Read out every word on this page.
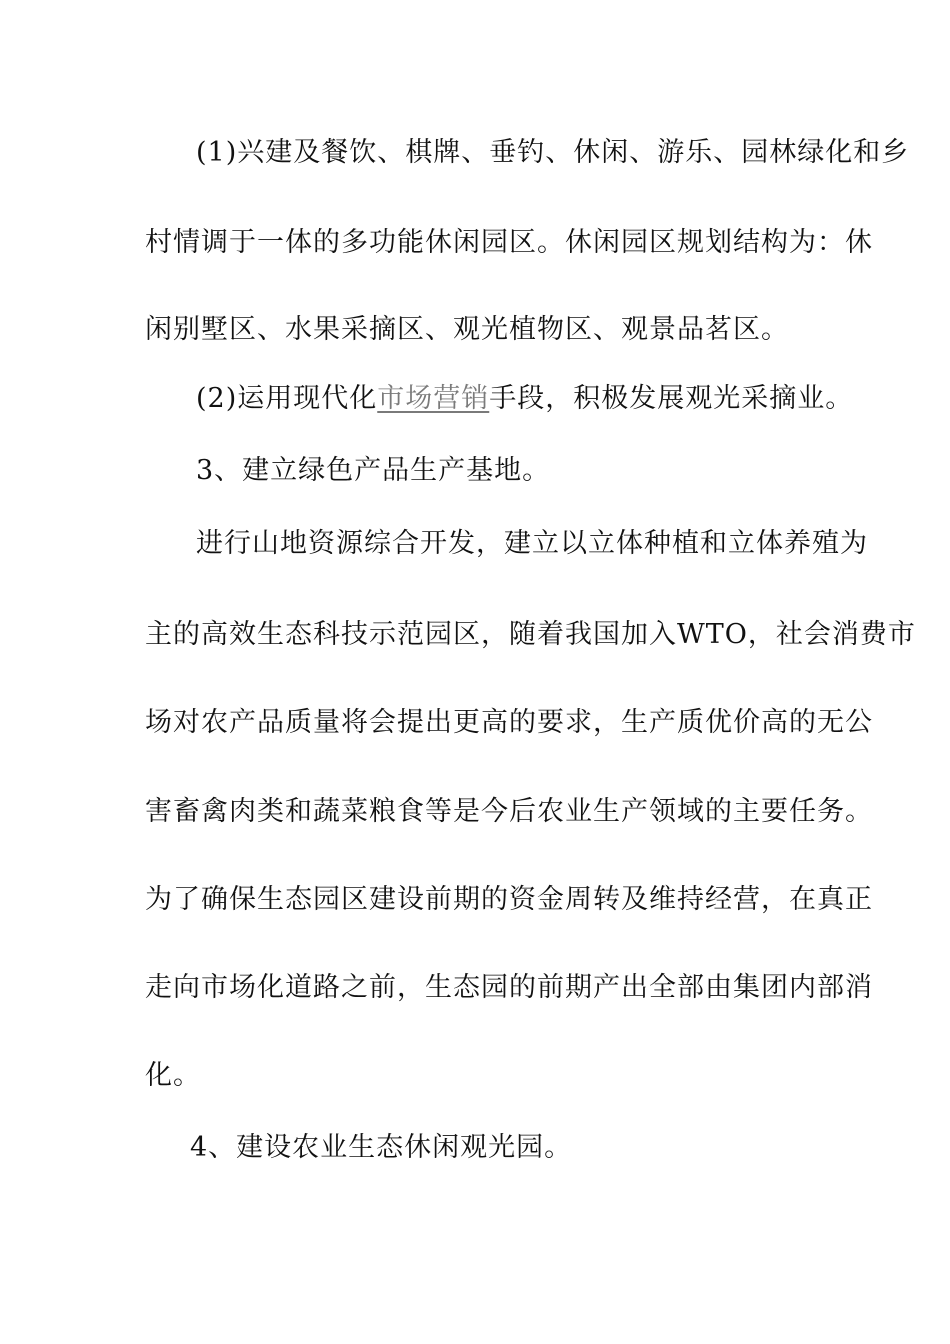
(1)兴建及餐饮、棋牌、垂钓、休闲、游乐、园林绿化和乡
村情调于一体的多功能休闲园区。休闲园区规划结构为：休
闲别墅区、水果采摘区、观光植物区、观景品茗区。
(2)运用现代化市场营销手段，积极发展观光采摘业。
3、建立绿色产品生产基地。
进行山地资源综合开发，建立以立体种植和立体养殖为
主的高效生态科技示范园区，随着我国加入WTO，社会消费市
场对农产品质量将会提出更高的要求，生产质优价高的无公
害畜禽肉类和蔬菜粮食等是今后农业生产领域的主要任务。
为了确保生态园区建设前期的资金周转及维持经营，在真正
走向市场化道路之前，生态园的前期产出全部由集团内部消
化。
4、建设农业生态休闲观光园。
